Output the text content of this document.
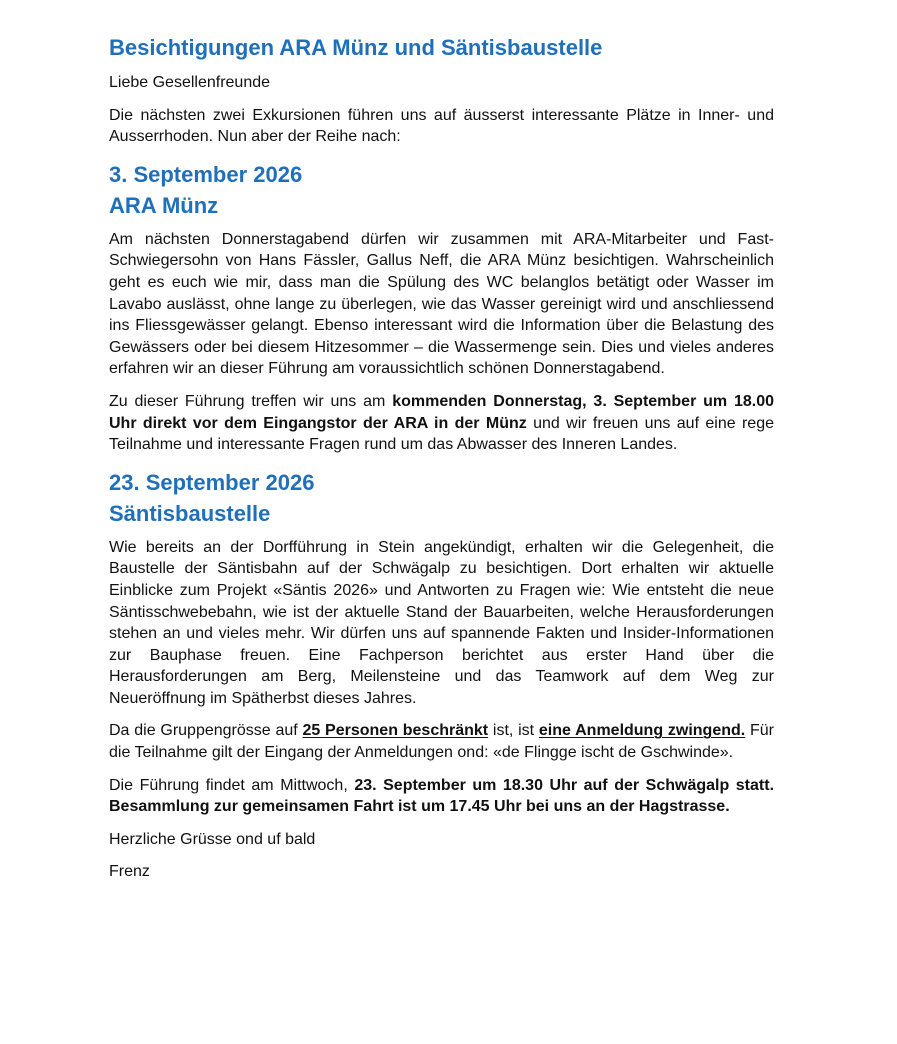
Besichtigungen ARA Münz und Säntisbaustelle

Liebe Gesellenfreunde

Die nächsten zwei Exkursionen führen uns auf äusserst interessante Plätze in Inner- und Ausserrhoden. Nun aber der Reihe nach:

3. September 2026
ARA Münz

Am nächsten Donnerstagabend dürfen wir zusammen mit ARA-Mitarbeiter und Fast-Schwiegersohn von Hans Fässler, Gallus Neff, die ARA Münz besichtigen. Wahrscheinlich geht es euch wie mir, dass man die Spülung des WC belanglos betätigt oder Wasser im Lavabo auslässt, ohne lange zu überlegen, wie das Wasser gereinigt wird und anschliessend ins Fliessgewässer gelangt. Ebenso interessant wird die Information über die Belastung des Gewässers oder bei diesem Hitzesommer – die Wassermenge sein. Dies und vieles anderes erfahren wir an dieser Führung am voraussichtlich schönen Donnerstagabend.

Zu dieser Führung treffen wir uns am kommenden Donnerstag, 3. September um 18.00 Uhr direkt vor dem Eingangstor der ARA in der Münz und wir freuen uns auf eine rege Teilnahme und interessante Fragen rund um das Abwasser des Inneren Landes.

23. September 2026
Säntisbaustelle

Wie bereits an der Dorfführung in Stein angekündigt, erhalten wir die Gelegenheit, die Baustelle der Säntisbahn auf der Schwägalp zu besichtigen. Dort erhalten wir aktuelle Einblicke zum Projekt «Säntis 2026» und Antworten zu Fragen wie: Wie entsteht die neue Säntisschwebebahn, wie ist der aktuelle Stand der Bauarbeiten, welche Herausforderungen stehen an und vieles mehr. Wir dürfen uns auf spannende Fakten und Insider-Informationen zur Bauphase freuen. Eine Fachperson berichtet aus erster Hand über die Herausforderungen am Berg, Meilensteine und das Teamwork auf dem Weg zur Neueröffnung im Spätherbst dieses Jahres.

Da die Gruppengrösse auf 25 Personen beschränkt ist, ist eine Anmeldung zwingend. Für die Teilnahme gilt der Eingang der Anmeldungen ond: «de Flingge ischt de Gschwinde».

Die Führung findet am Mittwoch, 23. September um 18.30 Uhr auf der Schwägalp statt. Besammlung zur gemeinsamen Fahrt ist um 17.45 Uhr bei uns an der Hagstrasse.

Herzliche Grüsse ond uf bald

Frenz
